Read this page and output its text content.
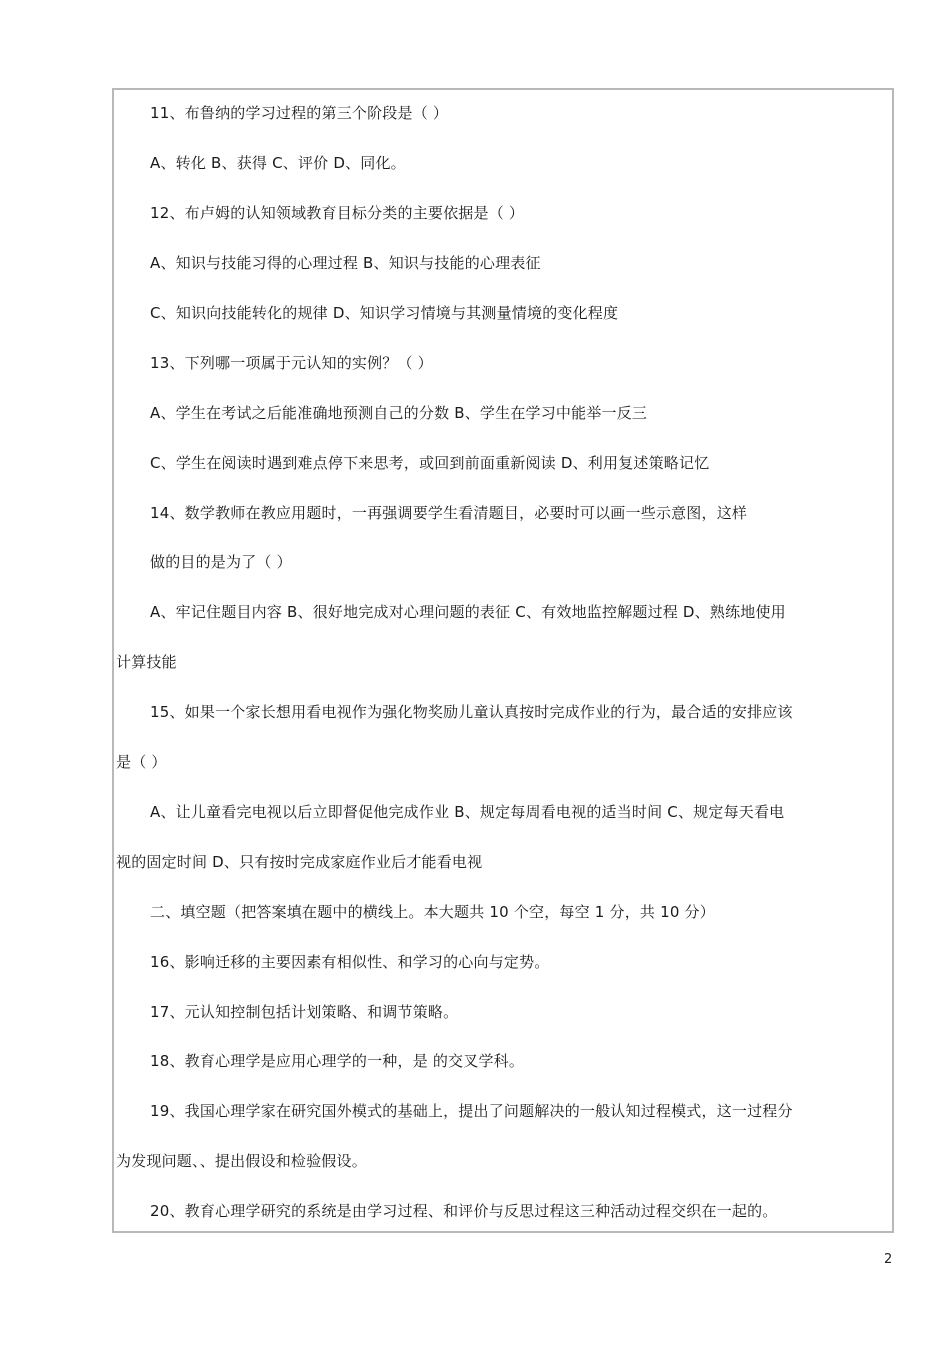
11、布鲁纳的学习过程的第三个阶段是（ ）
A、转化 B、获得 C、评价 D、同化。
12、布卢姆的认知领域教育目标分类的主要依据是（ ）
A、知识与技能习得的心理过程 B、知识与技能的心理表征
C、知识向技能转化的规律 D、知识学习情境与其测量情境的变化程度
13、下列哪一项属于元认知的实例？（ ）
A、学生在考试之后能准确地预测自己的分数 B、学生在学习中能举一反三
C、学生在阅读时遇到难点停下来思考，或回到前面重新阅读 D、利用复述策略记忆
14、数学教师在教应用题时，一再强调要学生看清题目，必要时可以画一些示意图，这样
做的目的是为了（ ）
A、牢记住题目内容 B、很好地完成对心理问题的表征 C、有效地监控解题过程 D、熟练地使用
计算技能
15、如果一个家长想用看电视作为强化物奖励儿童认真按时完成作业的行为，最合适的安排应该
是（ ）
A、让儿童看完电视以后立即督促他完成作业 B、规定每周看电视的适当时间 C、规定每天看电
视的固定时间 D、只有按时完成家庭作业后才能看电视
二、填空题（把答案填在题中的横线上。本大题共 10 个空，每空 1 分，共 10 分）
16、影响迁移的主要因素有相似性、和学习的心向与定势。
17、元认知控制包括计划策略、和调节策略。
18、教育心理学是应用心理学的一种，是 的交叉学科。
19、我国心理学家在研究国外模式的基础上，提出了问题解决的一般认知过程模式，这一过程分
为发现问题、、提出假设和检验假设。
20、教育心理学研究的系统是由学习过程、和评价与反思过程这三种活动过程交织在一起的。
2
